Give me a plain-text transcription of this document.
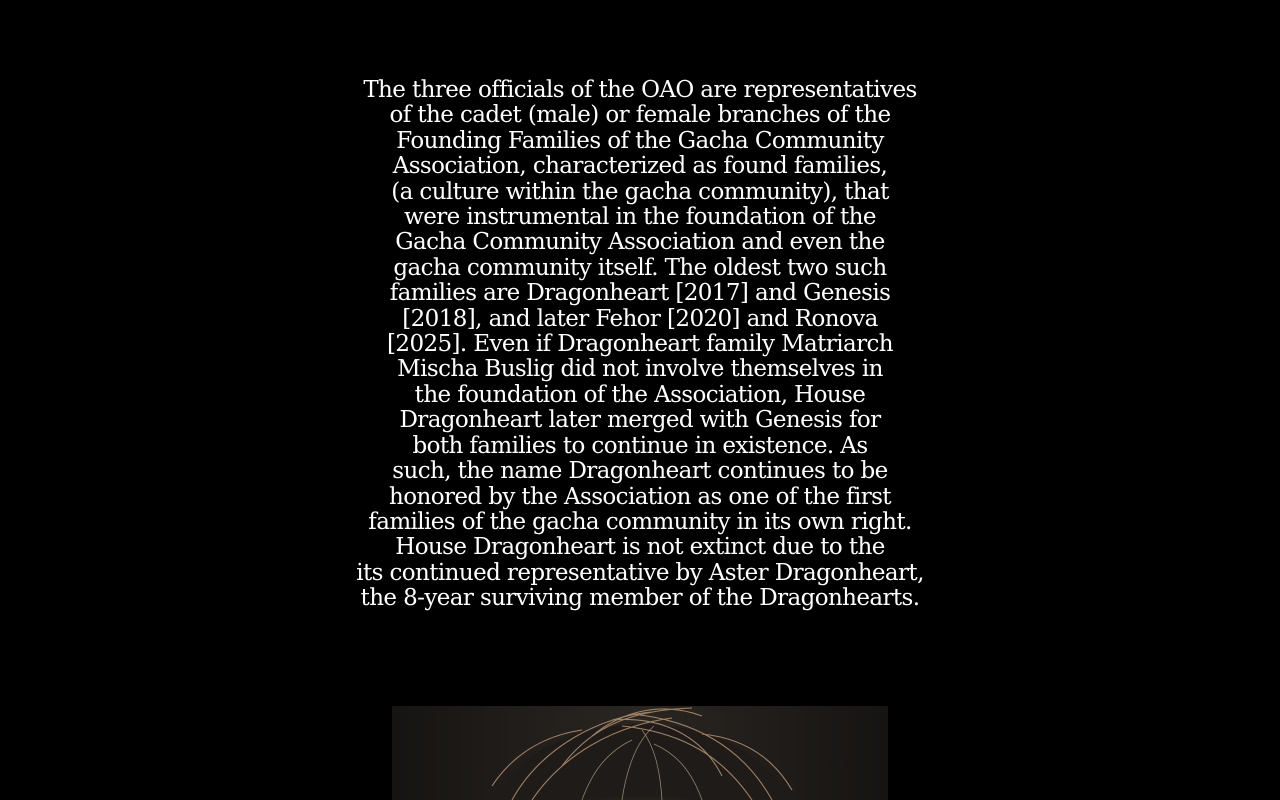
The three officials of the OAO are representatives
of the cadet (male) or female branches of the
Founding Families of the Gacha Community
Association, characterized as found families,
(a culture within the gacha community), that
were instrumental in the foundation of the
Gacha Community Association and even the
gacha community itself. The oldest two such
families are Dragonheart [2017] and Genesis
[2018], and later Fehor [2020] and Ronova
[2025]. Even if Dragonheart family Matriarch
Mischa Buslig did not involve themselves in
the foundation of the Association, House
Dragonheart later merged with Genesis for
both families to continue in existence. As
such, the name Dragonheart continues to be
honored by the Association as one of the first
families of the gacha community in its own right.
House Dragonheart is not extinct due to the
its continued representative by Aster Dragonheart,
the 8-year surviving member of the Dragonhearts.
